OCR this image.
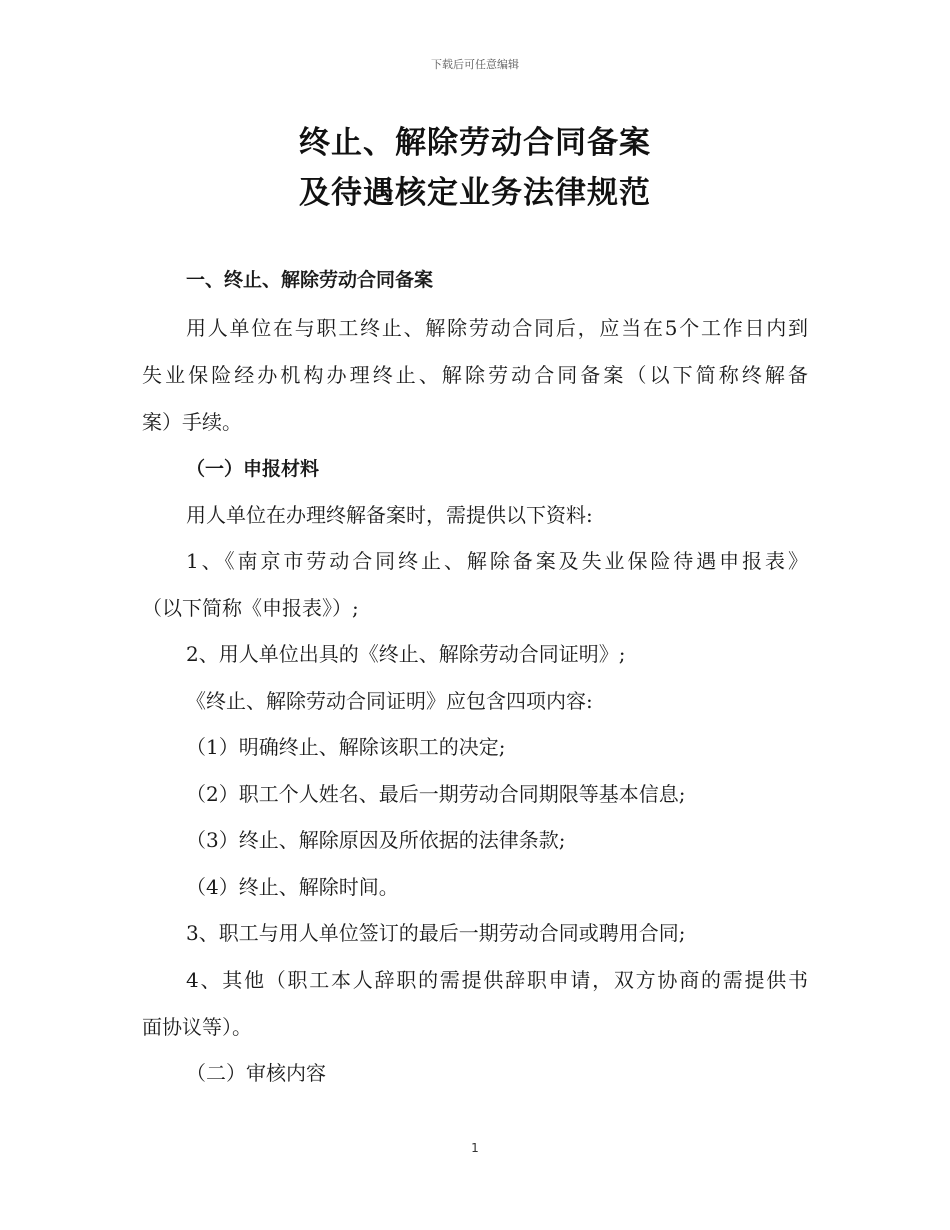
下载后可任意编辑
终止、解除劳动合同备案
及待遇核定业务法律规范
一、终止、解除劳动合同备案
用人单位在与职工终止、解除劳动合同后，应当在5个工作日内到
失业保险经办机构办理终止、解除劳动合同备案（以下简称终解备
案）手续。
（一）申报材料
用人单位在办理终解备案时，需提供以下资料:
1、《南京市劳动合同终止、解除备案及失业保险待遇申报表》
（以下简称《申报表》）;
2、用人单位出具的《终止、解除劳动合同证明》;
《终止、解除劳动合同证明》应包含四项内容:
（1）明确终止、解除该职工的决定;
（2）职工个人姓名、最后一期劳动合同期限等基本信息;
（3）终止、解除原因及所依据的法律条款;
（4）终止、解除时间。
3、职工与用人单位签订的最后一期劳动合同或聘用合同;
4、其他（职工本人辞职的需提供辞职申请，双方协商的需提供书
面协议等）。
（二）审核内容
1
